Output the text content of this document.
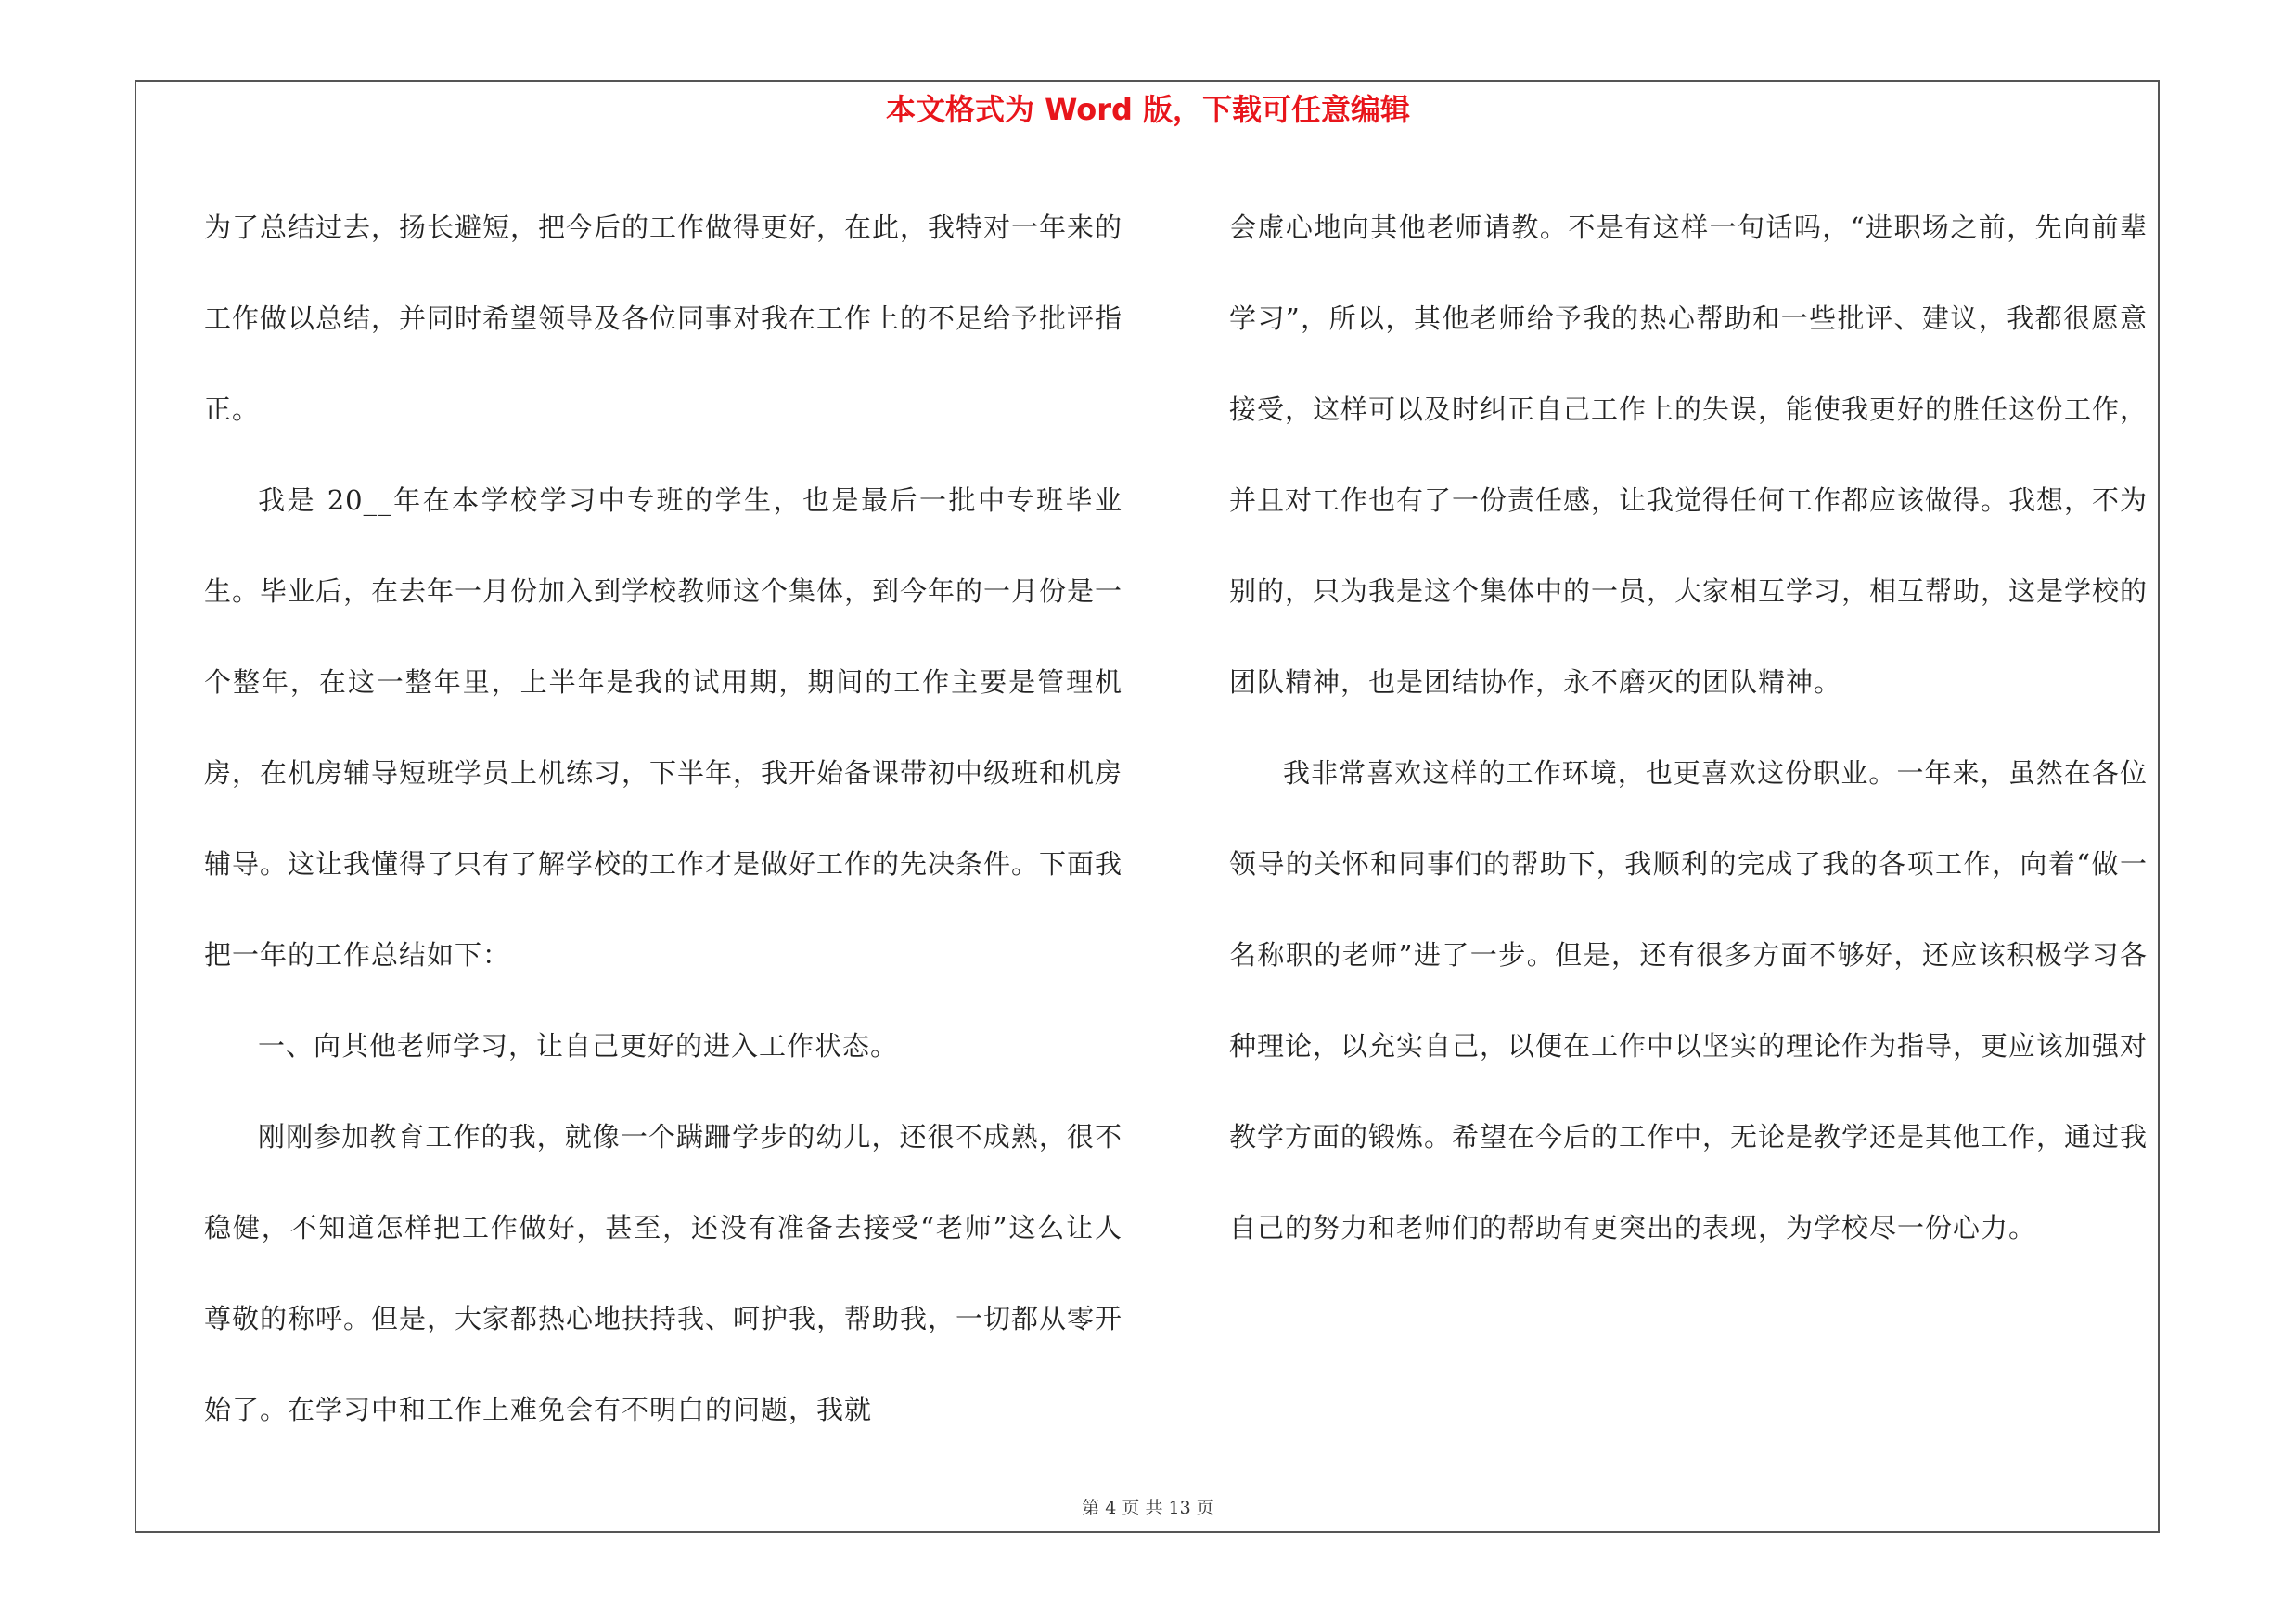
本文格式为 Word 版，下载可任意编辑

为了总结过去，扬长避短，把今后的工作做得更好，在此，我特对一年来的工作做以总结，并同时希望领导及各位同事对我在工作上的不足给予批评指正。

我是 20__年在本学校学习中专班的学生，也是最后一批中专班毕业生。毕业后，在去年一月份加入到学校教师这个集体，到今年的一月份是一个整年，在这一整年里，上半年是我的试用期，期间的工作主要是管理机房，在机房辅导短班学员上机练习，下半年，我开始备课带初中级班和机房辅导。这让我懂得了只有了解学校的工作才是做好工作的先决条件。下面我把一年的工作总结如下：

一、向其他老师学习，让自己更好的进入工作状态。

刚刚参加教育工作的我，就像一个蹒跚学步的幼儿，还很不成熟，很不稳健，不知道怎样把工作做好，甚至，还没有准备去接受“老师”这么让人尊敬的称呼。但是，大家都热心地扶持我、呵护我，帮助我，一切都从零开始了。在学习中和工作上难免会有不明白的问题，我就

会虚心地向其他老师请教。不是有这样一句话吗，“进职场之前，先向前辈学习”，所以，其他老师给予我的热心帮助和一些批评、建议，我都很愿意接受，这样可以及时纠正自己工作上的失误，能使我更好的胜任这份工作，并且对工作也有了一份责任感，让我觉得任何工作都应该做得。我想，不为别的，只为我是这个集体中的一员，大家相互学习，相互帮助，这是学校的团队精神，也是团结协作，永不磨灭的团队精神。

我非常喜欢这样的工作环境，也更喜欢这份职业。一年来，虽然在各位领导的关怀和同事们的帮助下，我顺利的完成了我的各项工作，向着“做一名称职的老师”进了一步。但是，还有很多方面不够好，还应该积极学习各种理论，以充实自己，以便在工作中以坚实的理论作为指导，更应该加强对教学方面的锻炼。希望在今后的工作中，无论是教学还是其他工作，通过我自己的努力和老师们的帮助有更突出的表现，为学校尽一份心力。

第 4 页 共 13 页
